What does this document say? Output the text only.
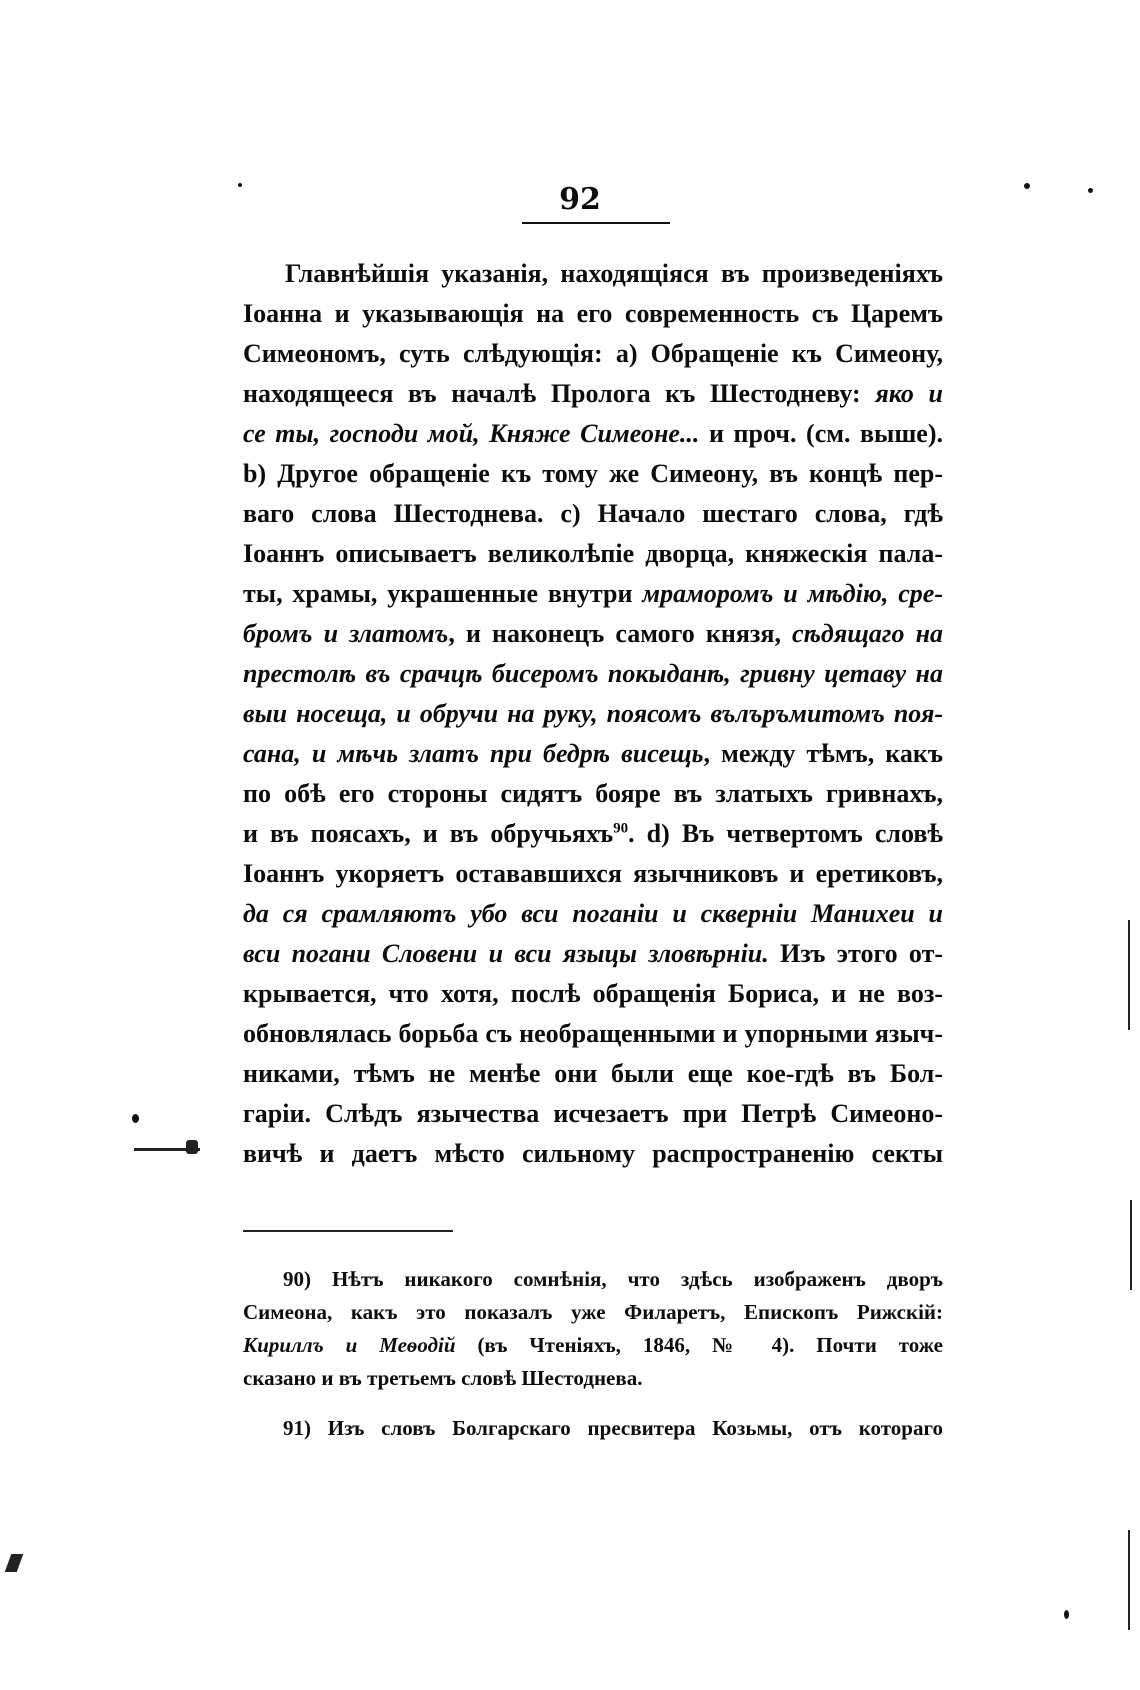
92
Главнѣйшія указанія, находящіяся въ произведеніяхъ
Іоанна и указывающія на его современность съ Царемъ
Симеономъ, суть слѣдующія: a) Обращеніе къ Симеону,
находящееся въ началѣ Пролога къ Шестодневу: яко и
се ты, господи мой, Княже Симеоне... и проч. (см. выше).
b) Другое обращеніе къ тому же Симеону, въ концѣ пер-
ваго слова Шестоднева. c) Начало шестаго слова, гдѣ
Іоаннъ описываетъ великолѣпіе дворца, княжескія пала-
ты, храмы, украшенные внутри мраморомъ и мѣдію, сре-
бромъ и златомъ, и наконецъ самого князя, сѣдящаго на
престолѣ въ срачцѣ бисеромъ покыданѣ, гривну цетаву на
выи носеща, и обручи на руку, поясомъ вълъръмитомъ поя-
сана, и мѣчь златъ при бедрѣ висещь, между тѣмъ, какъ
по обѣ его стороны сидятъ бояре въ златыхъ гривнахъ,
и въ поясахъ, и въ обручьяхъ$^{90}$. d) Въ четвертомъ словѣ
Іоаннъ укоряетъ остававшихся язычниковъ и еретиковъ,
да ся срамляютъ убо вси поганіи и скверніи Манихеи и
вси погани Словени и вси языцы зловѣрніи. Изъ этого от-
крывается, что хотя, послѣ обращенія Бориса, и не воз-
обновлялась борьба съ необращенными и упорными языч-
никами, тѣмъ не менѣе они были еще кое-гдѣ въ Бол-
гаріи. Слѣдъ язычества исчезаетъ при Петрѣ Симеоно-
вичѣ и даетъ мѣсто сильному распространенію секты
90) Нѣтъ никакого сомнѣнія, что здѣсь изображенъ дворъ
Симеона, какъ это показалъ уже Филаретъ, Епископъ Рижскій:
Кириллъ и Меѳодій (въ Чтеніяхъ, 1846, № 4). Почти тоже
сказано и въ третьемъ словѣ Шестоднева.
91) Изъ словъ Болгарскаго пресвитера Козьмы, отъ котораго
